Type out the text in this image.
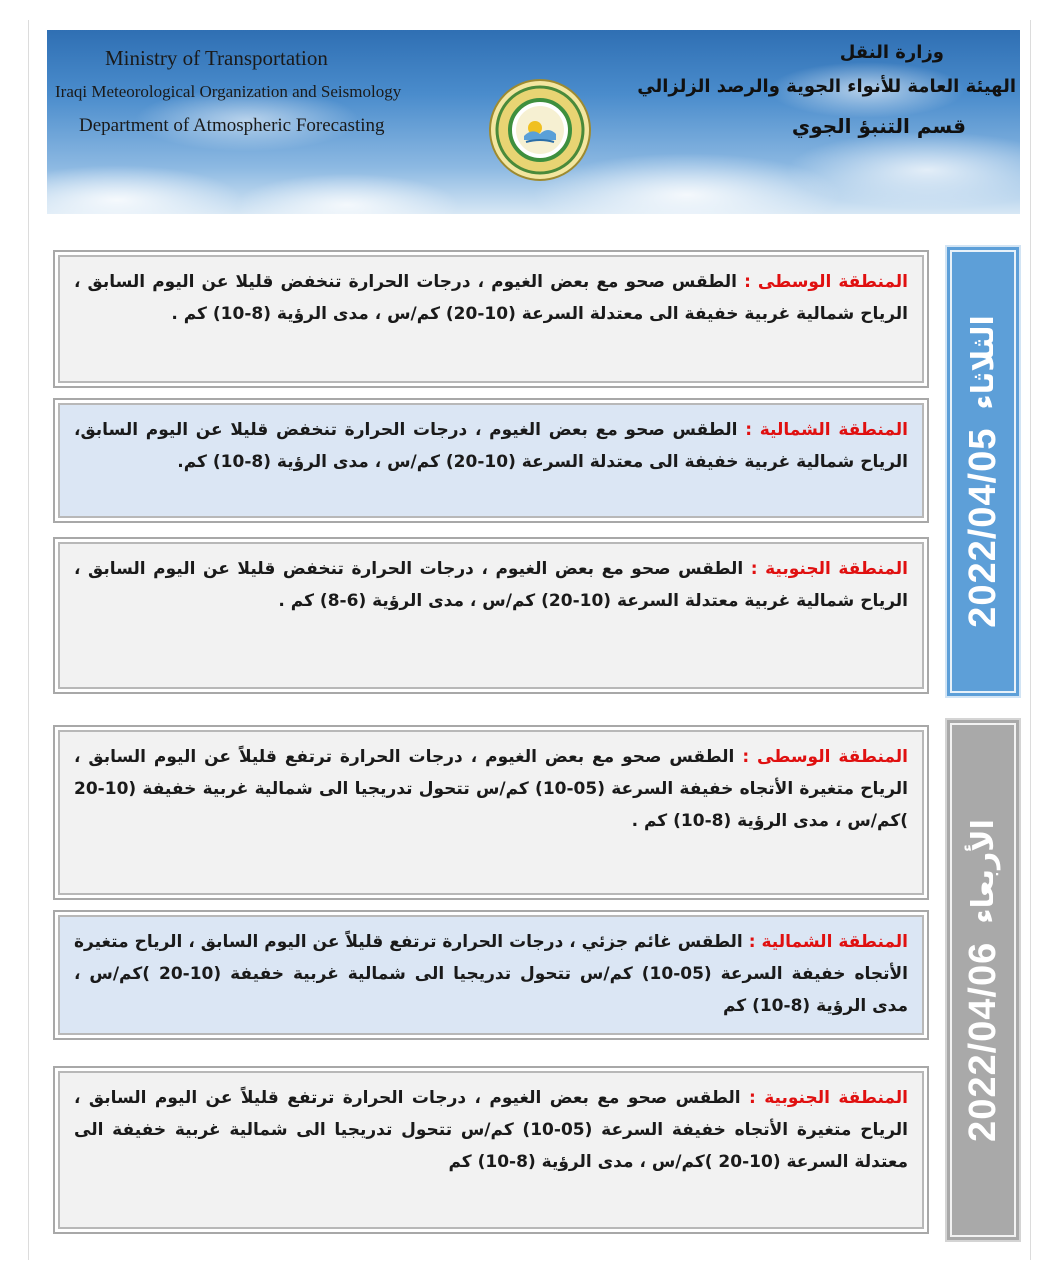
Ministry of Transportation
Iraqi Meteorological Organization and Seismology
Department of Atmospheric Forecasting
وزارة النقل
الهيئة العامة للأنواء الجوية والرصد الزلزالي
قسم التنبؤ الجوي
2022/04/05
الثلاثاء
2022/04/06
الأربعاء

المنطقة الوسطى : الطقس صحو مع بعض الغيوم ، درجات الحرارة تنخفض قليلا عن اليوم السابق ، الرياح شمالية غربية خفيفة الى معتدلة السرعة (10-20) كم/س ، مدى الرؤية (8-10) كم .

المنطقة الشمالية : الطقس صحو مع بعض الغيوم ، درجات الحرارة تنخفض قليلا عن اليوم السابق، الرياح شمالية غربية خفيفة الى معتدلة السرعة (10-20) كم/س ، مدى الرؤية (8-10) كم.

المنطقة الجنوبية : الطقس صحو مع بعض الغيوم ، درجات الحرارة تنخفض قليلا عن اليوم السابق ، الرياح شمالية غربية معتدلة السرعة (10-20) كم/س ، مدى الرؤية (6-8) كم .

المنطقة الوسطى : الطقس صحو مع بعض الغيوم ، درجات الحرارة ترتفع قليلاً عن اليوم السابق ، الرياح متغيرة الأتجاه خفيفة السرعة (05-10) كم/س تتحول تدريجيا الى شمالية غربية خفيفة (10-20 )كم/س ، مدى الرؤية (8-10) كم .

المنطقة الشمالية : الطقس غائم جزئي ، درجات الحرارة ترتفع قليلاً عن اليوم السابق ، الرياح متغيرة الأتجاه خفيفة السرعة (05-10) كم/س تتحول تدريجيا الى شمالية غربية خفيفة (10-20 )كم/س ، مدى الرؤية (8-10) كم

المنطقة الجنوبية : الطقس صحو مع بعض الغيوم ، درجات الحرارة ترتفع قليلاً عن اليوم السابق ، الرياح متغيرة الأتجاه خفيفة السرعة (05-10) كم/س تتحول تدريجيا الى شمالية غربية خفيفة الى معتدلة السرعة (10-20 )كم/س ، مدى الرؤية (8-10) كم
